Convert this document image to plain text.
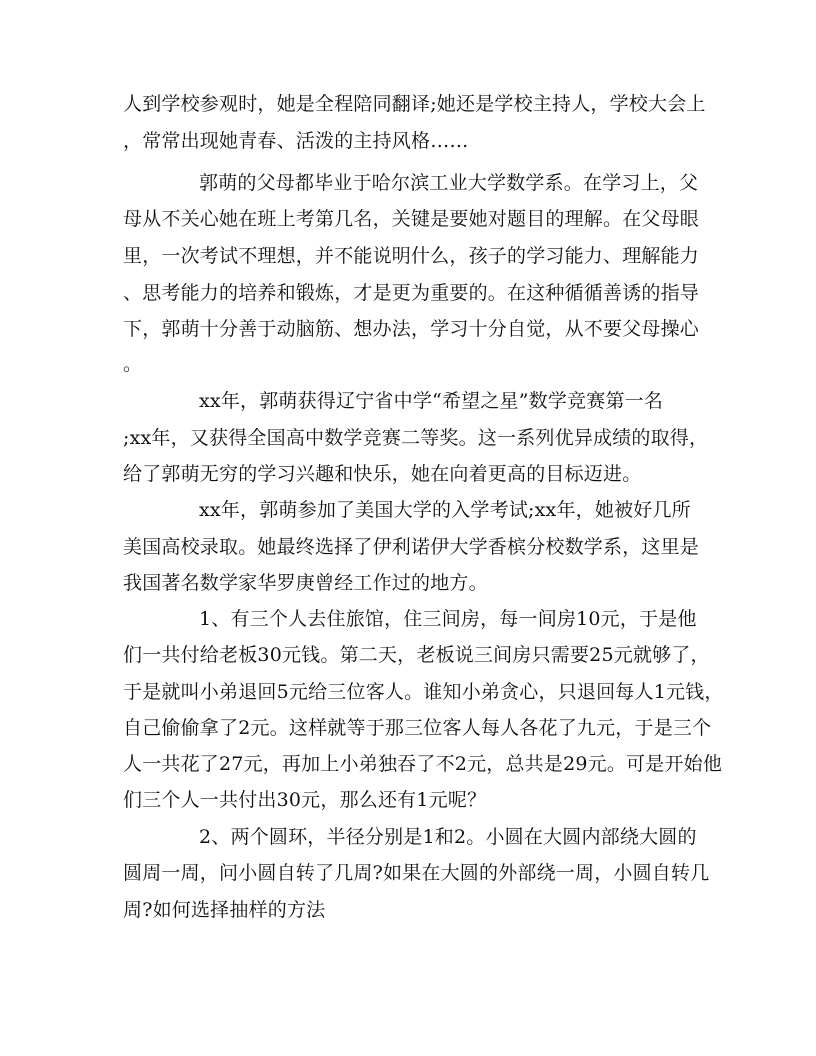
人到学校参观时，她是全程陪同翻译;她还是学校主持人，学校大会上
，常常出现她青春、活泼的主持风格……
郭萌的父母都毕业于哈尔滨工业大学数学系。在学习上，父
母从不关心她在班上考第几名，关键是要她对题目的理解。在父母眼
里，一次考试不理想，并不能说明什么，孩子的学习能力、理解能力
、思考能力的培养和锻炼，才是更为重要的。在这种循循善诱的指导
下，郭萌十分善于动脑筋、想办法，学习十分自觉，从不要父母操心
。
xx年，郭萌获得辽宁省中学“希望之星”数学竞赛第一名
;xx年，又获得全国高中数学竞赛二等奖。这一系列优异成绩的取得，
给了郭萌无穷的学习兴趣和快乐，她在向着更高的目标迈进。
xx年，郭萌参加了美国大学的入学考试;xx年，她被好几所
美国高校录取。她最终选择了伊利诺伊大学香槟分校数学系，这里是
我国著名数学家华罗庚曾经工作过的地方。
1、有三个人去住旅馆，住三间房，每一间房10元，于是他
们一共付给老板30元钱。第二天，老板说三间房只需要25元就够了，
于是就叫小弟退回5元给三位客人。谁知小弟贪心，只退回每人1元钱，
自己偷偷拿了2元。这样就等于那三位客人每人各花了九元，于是三个
人一共花了27元，再加上小弟独吞了不2元，总共是29元。可是开始他
们三个人一共付出30元，那么还有1元呢？
2、两个圆环，半径分别是1和2。小圆在大圆内部绕大圆的
圆周一周，问小圆自转了几周?如果在大圆的外部绕一周，小圆自转几
周?如何选择抽样的方法
